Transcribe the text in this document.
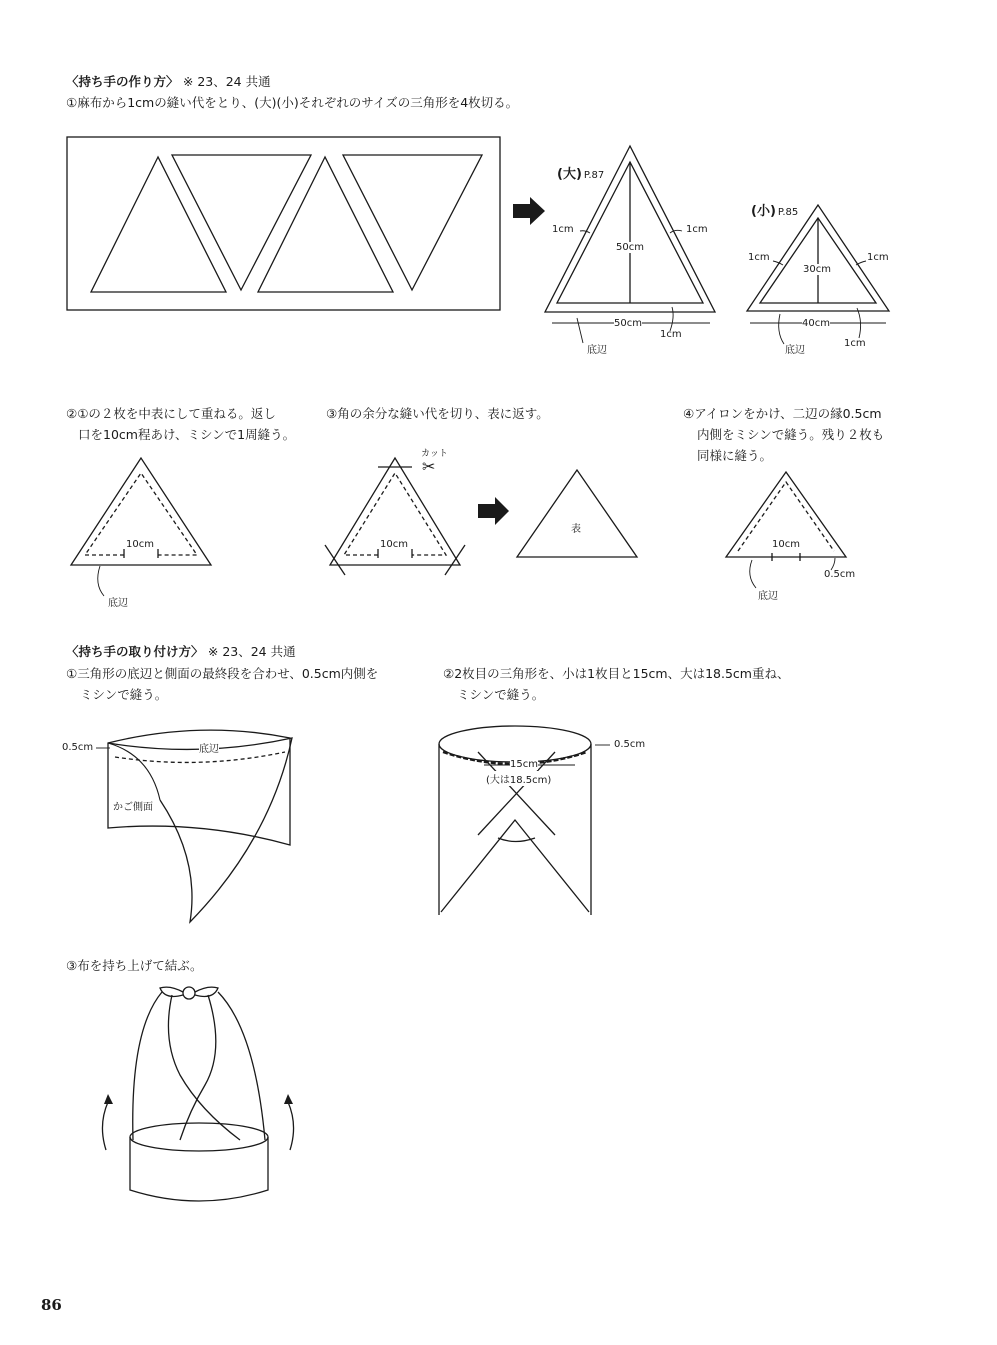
〈持ち手の作り方〉 ※ 23、24 共通
①麻布から1cmの縫い代をとり、(大)(小)それぞれのサイズの三角形を4枚切る。
(大) P.87
1cm	1cm
50cm
50cm
1cm
底辺
(小) P.85
1cm	1cm
30cm
40cm
1cm
底辺
②①の２枚を中表にして重ねる。返し
口を10cm程あけ、ミシンで1周縫う。
10cm
底辺
③角の余分な縫い代を切り、表に返す。
カット
✂
10cm
表
④アイロンをかけ、二辺の縁0.5cm
内側をミシンで縫う。残り２枚も
同様に縫う。
10cm
0.5cm
底辺
〈持ち手の取り付け方〉 ※ 23、24 共通
①三角形の底辺と側面の最終段を合わせ、0.5cm内側を
ミシンで縫う。
0.5cm	底辺
かご側面
②2枚目の三角形を、小は1枚目と15cm、大は18.5cm重ね、
ミシンで縫う。
0.5cm
15cm
(大は18.5cm)
③布を持ち上げて結ぶ。
86
